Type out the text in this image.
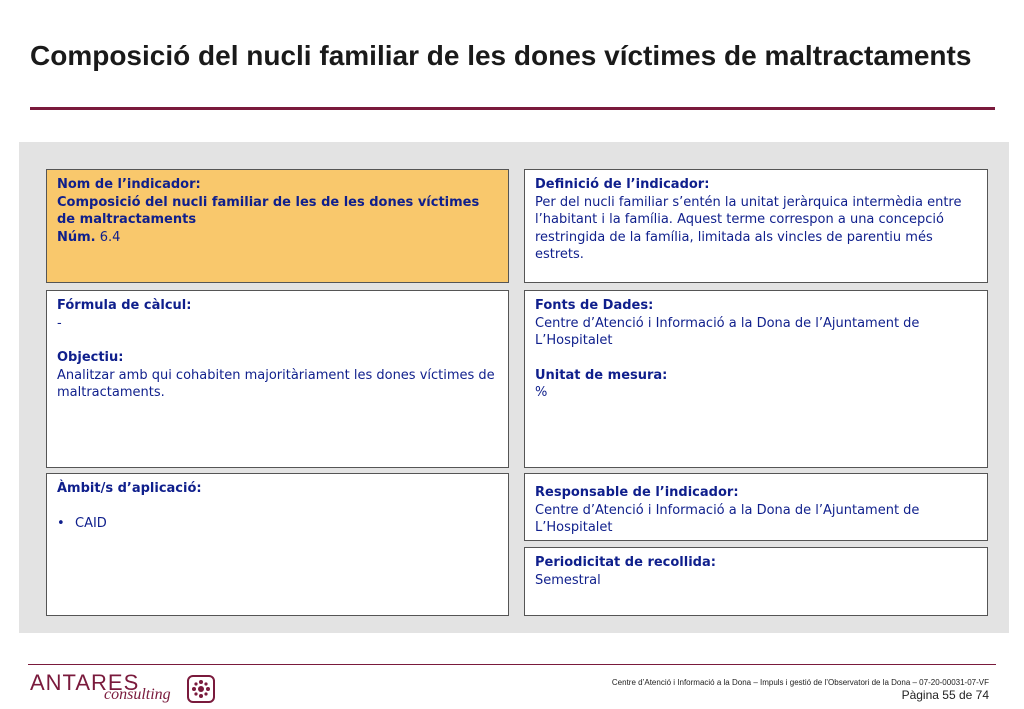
Composició del nucli familiar de les dones víctimes de maltractaments
Nom de l’indicador:
Composició del nucli familiar de les de les dones víctimes de maltractaments
Núm. 6.4
Definició de l’indicador:
Per del nucli familiar s’entén la unitat jeràrquica intermèdia entre l’habitant i la família. Aquest terme correspon a una concepció restringida de la família, limitada als vincles de parentiu més estrets.
Fórmula de càlcul:
-
Objectiu:
Analitzar amb qui cohabiten majoritàriament les dones víctimes de maltractaments.
Fonts de Dades:
Centre d’Atenció i Informació a la Dona de l’Ajuntament de L’Hospitalet
Unitat de mesura:
%
Àmbit/s d’aplicació:
• CAID
Responsable de l’indicador:
Centre d’Atenció i Informació a la Dona de l’Ajuntament de L’Hospitalet
Periodicitat de recollida:
Semestral
ANTARES
consulting
Centre d’Atenció i Informació a la Dona – Impuls i gestió de l’Observatori de la Dona – 07-20-00031-07-VF
Pàgina 55 de 74
